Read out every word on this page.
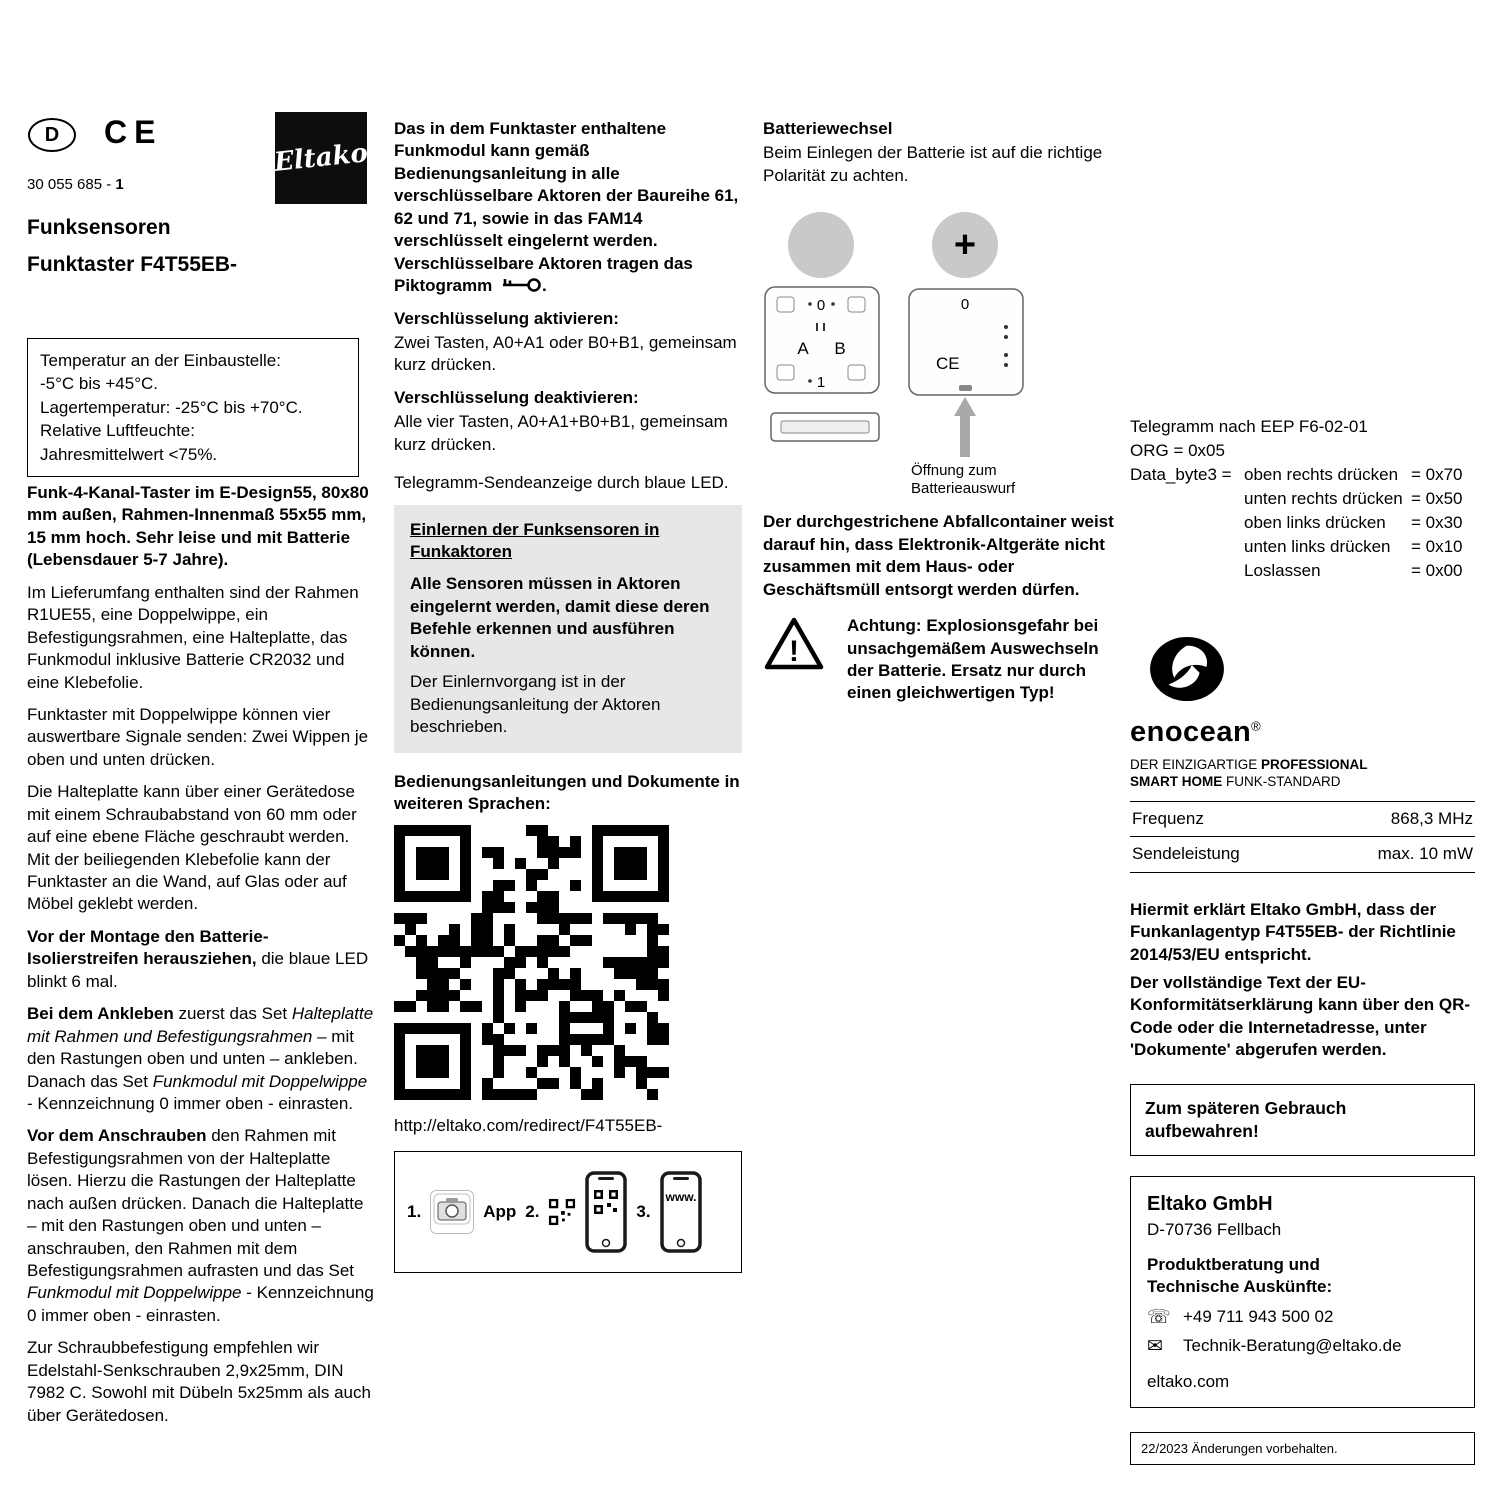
D CE
30 055 685 - 1
Funksensoren
Funktaster F4T55EB-
Eltako
Temperatur an der Einbaustelle:
-5°C bis +45°C.
Lagertemperatur: -25°C bis +70°C.
Relative Luftfeuchte:
Jahresmittelwert <75%.

Funk-4-Kanal-Taster im E-Design55, 80x80 mm außen, Rahmen-Innenmaß 55x55 mm, 15 mm hoch. Sehr leise und mit Batterie (Lebensdauer 5-7 Jahre).

Im Lieferumfang enthalten sind der Rahmen R1UE55, eine Doppelwippe, ein Befestigungsrahmen, eine Halteplatte, das Funkmodul inklusive Batterie CR2032 und eine Klebefolie.

Funktaster mit Doppelwippe können vier auswertbare Signale senden: Zwei Wippen je oben und unten drücken.

Die Halteplatte kann über einer Gerätedose mit einem Schraubabstand von 60 mm oder auf eine ebene Fläche geschraubt werden. Mit der beiliegenden Klebefolie kann der Funktaster an die Wand, auf Glas oder auf Möbel geklebt werden.

Vor der Montage den Batterie-Isolierstreifen herausziehen, die blaue LED blinkt 6 mal.

Bei dem Ankleben zuerst das Set Halteplatte mit Rahmen und Befestigungsrahmen – mit den Rastungen oben und unten – ankleben. Danach das Set Funkmodul mit Doppelwippe - Kennzeichnung 0 immer oben - einrasten.

Vor dem Anschrauben den Rahmen mit Befestigungsrahmen von der Halteplatte lösen. Hierzu die Rastungen der Halteplatte nach außen drücken. Danach die Halteplatte – mit den Rastungen oben und unten – anschrauben, den Rahmen mit dem Befestigungsrahmen aufrasten und das Set Funkmodul mit Doppelwippe - Kennzeichnung 0 immer oben - einrasten.

Zur Schraubbefestigung empfehlen wir Edelstahl-Senkschrauben 2,9x25mm, DIN 7982 C. Sowohl mit Dübeln 5x25mm als auch über Gerätedosen.

Das in dem Funktaster enthaltene Funkmodul kann gemäß Bedienungsanleitung in alle verschlüsselbare Aktoren der Baureihe 61, 62 und 71, sowie in das FAM14 verschlüsselt eingelernt werden. Verschlüsselbare Aktoren tragen das Piktogramm	.

Verschlüsselung aktivieren:

Zwei Tasten, A0+A1 oder B0+B1, gemeinsam kurz drücken.

Verschlüsselung deaktivieren:

Alle vier Tasten, A0+A1+B0+B1, gemeinsam kurz drücken.

Telegramm-Sendeanzeige durch blaue LED.

Einlernen der Funksensoren in Funkaktoren

Alle Sensoren müssen in Aktoren eingelernt werden, damit diese deren Befehle erkennen und ausführen können.

Der Einlernvorgang ist in der Bedienungsanleitung der Aktoren beschrieben.

Bedienungsanleitungen und Dokumente in weiteren Sprachen:
http://eltako.com/redirect/F4T55EB-
1.	App 2.	3.
www.
Batteriewechsel

Beim Einlegen der Batterie ist auf die richtige Polarität zu achten.

+
0
A B
1
0
CE
Öffnung zum
Batterieauswurf

Der durchgestrichene Abfallcontainer weist darauf hin, dass Elektronik-Altgeräte nicht zusammen mit dem Haus- oder Geschäftsmüll entsorgt werden dürfen.

!
Achtung: Explosionsgefahr bei unsachgemäßem Auswechseln der Batterie. Ersatz nur durch einen gleichwertigen Typ!
Telegramm nach EEP F6-02-01
ORG = 0x05
Data_byte3 = oben rechts drücken = 0x70
unten rechts drücken = 0x50
oben links drücken	= 0x30
unten links drücken	= 0x10
Loslassen	= 0x00
enocean®
DER EINZIGARTIGE PROFESSIONAL
SMART HOME FUNK-STANDARD
Frequenz	868,3 MHz
Sendeleistung	max. 10 mW
Hiermit erklärt Eltako GmbH, dass der Funkanlagentyp F4T55EB- der Richtlinie 2014/53/EU entspricht.
Der vollständige Text der EU-Konformitätserklärung kann über den QR-Code oder die Internetadresse, unter 'Dokumente' abgerufen werden.
Zum späteren Gebrauch aufbewahren!
Eltako GmbH
D-70736 Fellbach
Produktberatung und
Technische Auskünfte:
☏ +49 711 943 500 02
✉	Technik-Beratung@eltako.de
eltako.com
22/2023 Änderungen vorbehalten.
